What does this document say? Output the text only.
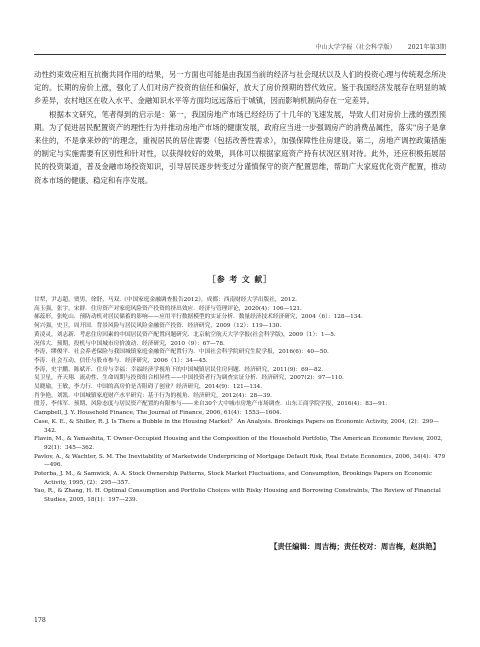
中山大学学报（社会科学版） 2021年第3期

动性约束效应相互抗衡共同作用的结果，另一方面也可能是由我国当前的经济与社会现状以及人们的投资心理与传统观念所决定的。长期的房价上涨，强化了人们对房产投资的信任和偏好，放大了房价预期的替代效应。鉴于我国经济发展存在明显的城乡差异，农村地区在收入水平、金融知识水平等方面均远远落后于城镇，因而影响机制尚存在一定差异。

根据本文研究，笔者得到的启示是：第一，我国房地产市场已经经历了十几年的飞速发展，导致人们对房价上涨的强烈预期。为了促进居民配置资产的理性行为并推动房地产市场的健康发展，政府应当进一步强调房产的消费品属性，落实"房子是拿来住的，不是拿来炒的"的理念，重视居民的居住需要（包括改善性需求），加强保障性住房建设。第二，房地产调控政策措施的制定与实施需要有区别性和针对性，以获得较好的效果，具体可以根据家庭资产持有状况区别对待。此外，还应积极拓展居民的投资渠道，普及金融市场投资知识，引导居民逐步转变过分谨慎保守的资产配置思维，帮助广大家庭优化资产配置，推动资本市场的健康、稳定和有序发展。

［参 考 文 献］

甘犁，尹志超，贾男，徐舒，马双.《中国家庭金融调查报告2012》，成都：西南财经大学出版社，2012.

高玉强，张宇，宋群．住房资产对家庭风险资产投资的挤出效应．经济与管理评论，2020(4)：106—121.

郝蕊形，张屹山．预防动机对居民储蓄的影响——应用平行数据模型的实证分析．数量经济技术经济研究，2004（6）：128—134.

何兴强，史卫，周开国．背景风险与居民风险金融资产投资．经济研究，2009（12）：119—130.

黄凌灵，刘志新．考虑住房因素的中国居民资产配置问题研究．北京航空航天大学学报(社会科学版)，2009（1）：1—5.

况伟大．预期，投机与中国城市房价波动．经济研究，2010（9）：67—78.

李涛，缪俊平．社会养老保险与我国城镇家庭金融资产配置行为．中国社会科学院研究生院学报，2016(6)：40—50.

李涛．社会互动、信任与股市参与．经济研究，2006（1）：34—45.

李涛，史宇鹏，陈斌开．住房与幸福：幸福经济学视角下的中国城镇居民住房问题．经济研究，2011(9)：69—82.

吴卫星，齐天翔．流动性、生命周期与投资组合相异性——中国投资者行为调查实证分析．经济研究，2007(2)：97—110.

吴晓瑜，王敏，李力行．中国的高房价是否阻碍了创业？经济研究，2014(9)：121—134.

肖争艳，刘凯．中国城镇家庭财产水平研究：基于行为的视角．经济研究，2012(4)：28—39.

殷芳，李伟军．预期、风险态度与居民资产配置的有限参与——来自30个大中城市房地产市场调查．山东工商学院学报，2016(4)：83—91.

Campbell, J. Y. Household Finance, The Journal of Finance, 2006, 61(4)：1553—1604.

Case, K. E., & Shiller, R. J. Is There a Bubble in the Housing Market？ An Analysis. Brookings Papers on Economic Activity, 2004, (2)：299—342.

Flavin, M., & Yamashita, T. Owner-Occupied Housing and the Composition of the Household Portfolio, The American Economic Review, 2002, 92(1)：345—362.

Pavlov, A., & Wachter, S. M. The Inevitability of Marketwide Underpricing of Mortgage Default Risk, Real Estate Economics, 2006, 34(4)：479—496.

Poterba, J. M., & Samwick, A. A. Stock Ownership Patterns, Stock Market Fluctuations, and Consumption, Brookings Papers on Economic Activity, 1995, (2)：295—357.

Yao, R., & Zhang, H. H. Optimal Consumption and Portfolio Choices with Risky Housing and Borrowing Constraints, The Review of Financial Studies, 2005, 18(1)：197—239.

【责任编辑：周吉梅；责任校对：周吉梅，赵洪艳】
178
